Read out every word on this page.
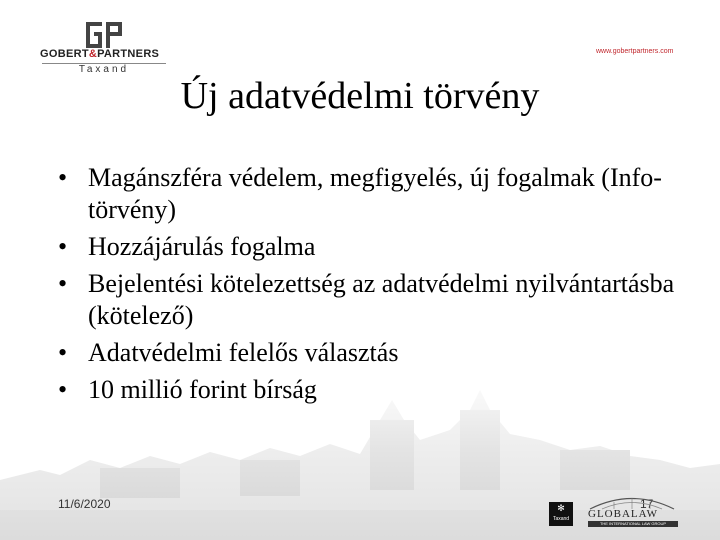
GOBERT&PARTNERS
Taxand
www.gobertpartners.com
Új adatvédelmi törvény
• Magánszféra védelem, megfigyelés, új fogalmak (Info-törvény)
• Hozzájárulás fogalma
• Bejelentési kötelezettség az adatvédelmi nyilvántartásba (kötelező)
• Adatvédelmi felelős választás
• 10 millió forint bírság
11/6/2020	17
✻
Taxand	GLOBALAW
THE INTERNATIONAL LAW GROUP
